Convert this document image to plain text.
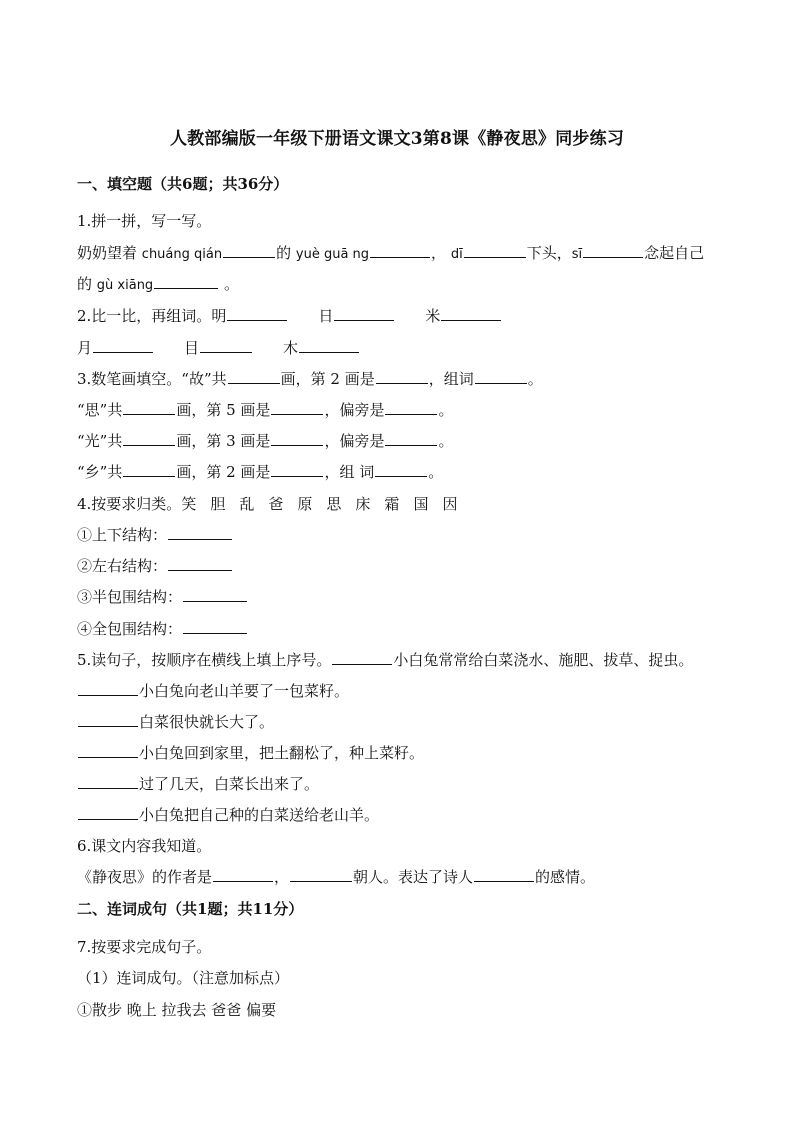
人教部编版一年级下册语文课文3第8课《静夜思》同步练习
一、填空题（共6题；共36分）
1.拼一拼，写一写。
奶奶望着 chuáng qián	的 yuè guā ng	， dī	下头，sī	念起自己
的 gù xiāng	。
2.比一比，再组词。明	日	米
月	目	木
3.数笔画填空。“故”共	画，第 2 画是	，组词	。
“思”共	画，第 5 画是	，偏旁是	。
“光”共	画，第 3 画是	，偏旁是	。
“乡”共	画，第 2 画是	，组 词	。
4.按要求归类。笑 胆 乱 爸 原 思 床 霜 国 因
①上下结构：
②左右结构：
③半包围结构：
④全包围结构：
5.读句子，按顺序在横线上填上序号。	小白兔常常给白菜浇水、施肥、拔草、捉虫。
小白兔向老山羊要了一包菜籽。
白菜很快就长大了。
小白兔回到家里，把土翻松了，种上菜籽。
过了几天，白菜长出来了。
小白兔把自己种的白菜送给老山羊。
6.课文内容我知道。
《静夜思》的作者是	，	朝人。表达了诗人	的感情。
二、连词成句（共1题；共11分）
7.按要求完成句子。
（1）连词成句。（注意加标点）
①散步 晚上 拉我去 爸爸 偏要
